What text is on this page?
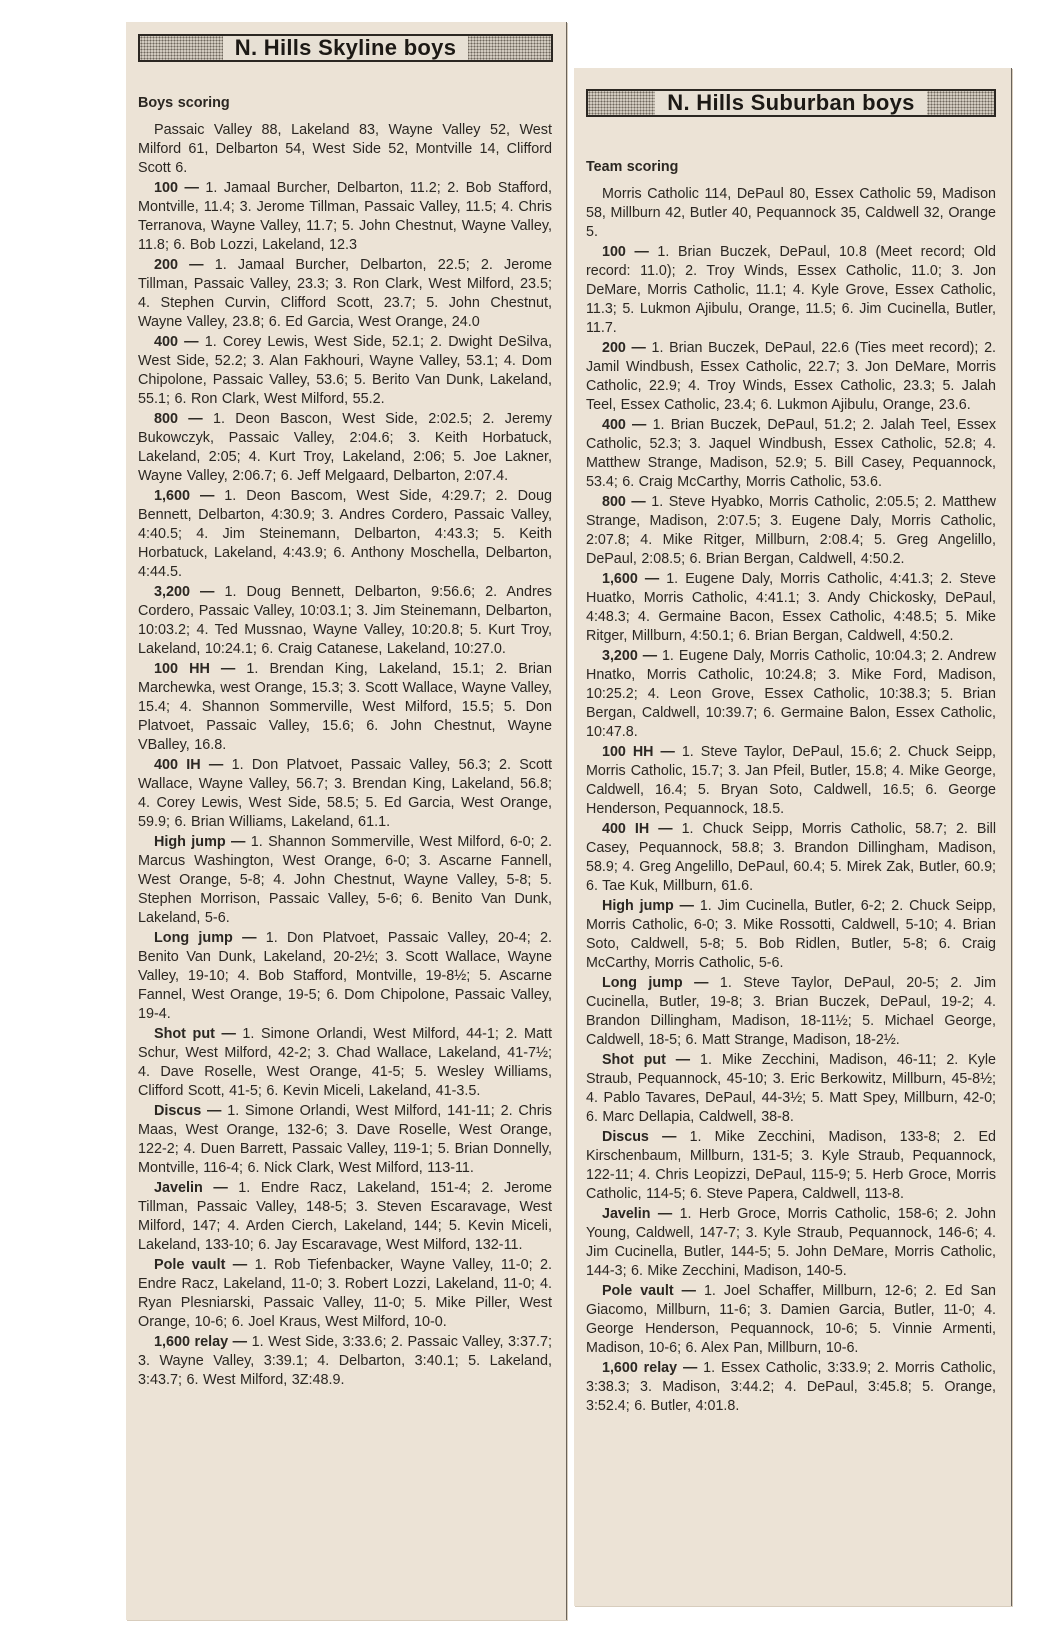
N. Hills Skyline boys
Boys scoring
Passaic Valley 88, Lakeland 83, Wayne Valley 52, West Milford 61, Delbarton 54, West Side 52, Montville 14, Clifford Scott 6.
100 — 1. Jamaal Burcher, Delbarton, 11.2; 2. Bob Stafford, Montville, 11.4; 3. Jerome Tillman, Passaic Valley, 11.5; 4. Chris Terranova, Wayne Valley, 11.7; 5. John Chestnut, Wayne Valley, 11.8; 6. Bob Lozzi, Lakeland, 12.3
200 — 1. Jamaal Burcher, Delbarton, 22.5; 2. Jerome Tillman, Passaic Valley, 23.3; 3. Ron Clark, West Milford, 23.5; 4. Stephen Curvin, Clifford Scott, 23.7; 5. John Chestnut, Wayne Valley, 23.8; 6. Ed Garcia, West Orange, 24.0
400 — 1. Corey Lewis, West Side, 52.1; 2. Dwight DeSilva, West Side, 52.2; 3. Alan Fakhouri, Wayne Valley, 53.1; 4. Dom Chipolone, Passaic Valley, 53.6; 5. Berito Van Dunk, Lakeland, 55.1; 6. Ron Clark, West Milford, 55.2.
800 — 1. Deon Bascon, West Side, 2:02.5; 2. Jeremy Bukowczyk, Passaic Valley, 2:04.6; 3. Keith Horbatuck, Lakeland, 2:05; 4. Kurt Troy, Lakeland, 2:06; 5. Joe Lakner, Wayne Valley, 2:06.7; 6. Jeff Melgaard, Delbarton, 2:07.4.
1,600 — 1. Deon Bascom, West Side, 4:29.7; 2. Doug Bennett, Delbarton, 4:30.9; 3. Andres Cordero, Passaic Valley, 4:40.5; 4. Jim Steinemann, Delbarton, 4:43.3; 5. Keith Horbatuck, Lakeland, 4:43.9; 6. Anthony Moschella, Delbarton, 4:44.5.
3,200 — 1. Doug Bennett, Delbarton, 9:56.6; 2. Andres Cordero, Passaic Valley, 10:03.1; 3. Jim Steinemann, Delbarton, 10:03.2; 4. Ted Mussnao, Wayne Valley, 10:20.8; 5. Kurt Troy, Lakeland, 10:24.1; 6. Craig Catanese, Lakeland, 10:27.0.
100 HH — 1. Brendan King, Lakeland, 15.1; 2. Brian Marchewka, west Orange, 15.3; 3. Scott Wallace, Wayne Valley, 15.4; 4. Shannon Sommerville, West Milford, 15.5; 5. Don Platvoet, Passaic Valley, 15.6; 6. John Chestnut, Wayne VBalley, 16.8.
400 IH — 1. Don Platvoet, Passaic Valley, 56.3; 2. Scott Wallace, Wayne Valley, 56.7; 3. Brendan King, Lakeland, 56.8; 4. Corey Lewis, West Side, 58.5; 5. Ed Garcia, West Orange, 59.9; 6. Brian Williams, Lakeland, 61.1.
High jump — 1. Shannon Sommerville, West Milford, 6-0; 2. Marcus Washington, West Orange, 6-0; 3. Ascarne Fannell, West Orange, 5-8; 4. John Chestnut, Wayne Valley, 5-8; 5. Stephen Morrison, Passaic Valley, 5-6; 6. Benito Van Dunk, Lakeland, 5-6.
Long jump — 1. Don Platvoet, Passaic Valley, 20-4; 2. Benito Van Dunk, Lakeland, 20-2½; 3. Scott Wallace, Wayne Valley, 19-10; 4. Bob Stafford, Montville, 19-8½; 5. Ascarne Fannel, West Orange, 19-5; 6. Dom Chipolone, Passaic Valley, 19-4.
Shot put — 1. Simone Orlandi, West Milford, 44-1; 2. Matt Schur, West Milford, 42-2; 3. Chad Wallace, Lakeland, 41-7½; 4. Dave Roselle, West Orange, 41-5; 5. Wesley Williams, Clifford Scott, 41-5; 6. Kevin Miceli, Lakeland, 41-3.5.
Discus — 1. Simone Orlandi, West Milford, 141-11; 2. Chris Maas, West Orange, 132-6; 3. Dave Roselle, West Orange, 122-2; 4. Duen Barrett, Passaic Valley, 119-1; 5. Brian Donnelly, Montville, 116-4; 6. Nick Clark, West Milford, 113-11.
Javelin — 1. Endre Racz, Lakeland, 151-4; 2. Jerome Tillman, Passaic Valley, 148-5; 3. Steven Escaravage, West Milford, 147; 4. Arden Cierch, Lakeland, 144; 5. Kevin Miceli, Lakeland, 133-10; 6. Jay Escaravage, West Milford, 132-11.
Pole vault — 1. Rob Tiefenbacker, Wayne Valley, 11-0; 2. Endre Racz, Lakeland, 11-0; 3. Robert Lozzi, Lakeland, 11-0; 4. Ryan Plesniarski, Passaic Valley, 11-0; 5. Mike Piller, West Orange, 10-6; 6. Joel Kraus, West Milford, 10-0.
1,600 relay — 1. West Side, 3:33.6; 2. Passaic Valley, 3:37.7; 3. Wayne Valley, 3:39.1; 4. Delbarton, 3:40.1; 5. Lakeland, 3:43.7; 6. West Milford, 3Z:48.9.
N. Hills Suburban boys
Team scoring
Morris Catholic 114, DePaul 80, Essex Catholic 59, Madison 58, Millburn 42, Butler 40, Pequannock 35, Caldwell 32, Orange 5.
100 — 1. Brian Buczek, DePaul, 10.8 (Meet record; Old record: 11.0); 2. Troy Winds, Essex Catholic, 11.0; 3. Jon DeMare, Morris Catholic, 11.1; 4. Kyle Grove, Essex Catholic, 11.3; 5. Lukmon Ajibulu, Orange, 11.5; 6. Jim Cucinella, Butler, 11.7.
200 — 1. Brian Buczek, DePaul, 22.6 (Ties meet record); 2. Jamil Windbush, Essex Catholic, 22.7; 3. Jon DeMare, Morris Catholic, 22.9; 4. Troy Winds, Essex Catholic, 23.3; 5. Jalah Teel, Essex Catholic, 23.4; 6. Lukmon Ajibulu, Orange, 23.6.
400 — 1. Brian Buczek, DePaul, 51.2; 2. Jalah Teel, Essex Catholic, 52.3; 3. Jaquel Windbush, Essex Catholic, 52.8; 4. Matthew Strange, Madison, 52.9; 5. Bill Casey, Pequannock, 53.4; 6. Craig McCarthy, Morris Catholic, 53.6.
800 — 1. Steve Hyabko, Morris Catholic, 2:05.5; 2. Matthew Strange, Madison, 2:07.5; 3. Eugene Daly, Morris Catholic, 2:07.8; 4. Mike Ritger, Millburn, 2:08.4; 5. Greg Angelillo, DePaul, 2:08.5; 6. Brian Bergan, Caldwell, 4:50.2.
1,600 — 1. Eugene Daly, Morris Catholic, 4:41.3; 2. Steve Huatko, Morris Catholic, 4:41.1; 3. Andy Chickosky, DePaul, 4:48.3; 4. Germaine Bacon, Essex Catholic, 4:48.5; 5. Mike Ritger, Millburn, 4:50.1; 6. Brian Bergan, Caldwell, 4:50.2.
3,200 — 1. Eugene Daly, Morris Catholic, 10:04.3; 2. Andrew Hnatko, Morris Catholic, 10:24.8; 3. Mike Ford, Madison, 10:25.2; 4. Leon Grove, Essex Catholic, 10:38.3; 5. Brian Bergan, Caldwell, 10:39.7; 6. Germaine Balon, Essex Catholic, 10:47.8.
100 HH — 1. Steve Taylor, DePaul, 15.6; 2. Chuck Seipp, Morris Catholic, 15.7; 3. Jan Pfeil, Butler, 15.8; 4. Mike George, Caldwell, 16.4; 5. Bryan Soto, Caldwell, 16.5; 6. George Henderson, Pequannock, 18.5.
400 IH — 1. Chuck Seipp, Morris Catholic, 58.7; 2. Bill Casey, Pequannock, 58.8; 3. Brandon Dillingham, Madison, 58.9; 4. Greg Angelillo, DePaul, 60.4; 5. Mirek Zak, Butler, 60.9; 6. Tae Kuk, Millburn, 61.6.
High jump — 1. Jim Cucinella, Butler, 6-2; 2. Chuck Seipp, Morris Catholic, 6-0; 3. Mike Rossotti, Caldwell, 5-10; 4. Brian Soto, Caldwell, 5-8; 5. Bob Ridlen, Butler, 5-8; 6. Craig McCarthy, Morris Catholic, 5-6.
Long jump — 1. Steve Taylor, DePaul, 20-5; 2. Jim Cucinella, Butler, 19-8; 3. Brian Buczek, DePaul, 19-2; 4. Brandon Dillingham, Madison, 18-11½; 5. Michael George, Caldwell, 18-5; 6. Matt Strange, Madison, 18-2½.
Shot put — 1. Mike Zecchini, Madison, 46-11; 2. Kyle Straub, Pequannock, 45-10; 3. Eric Berkowitz, Millburn, 45-8½; 4. Pablo Tavares, DePaul, 44-3½; 5. Matt Spey, Millburn, 42-0; 6. Marc Dellapia, Caldwell, 38-8.
Discus — 1. Mike Zecchini, Madison, 133-8; 2. Ed Kirschenbaum, Millburn, 131-5; 3. Kyle Straub, Pequannock, 122-11; 4. Chris Leopizzi, DePaul, 115-9; 5. Herb Groce, Morris Catholic, 114-5; 6. Steve Papera, Caldwell, 113-8.
Javelin — 1. Herb Groce, Morris Catholic, 158-6; 2. John Young, Caldwell, 147-7; 3. Kyle Straub, Pequannock, 146-6; 4. Jim Cucinella, Butler, 144-5; 5. John DeMare, Morris Catholic, 144-3; 6. Mike Zecchini, Madison, 140-5.
Pole vault — 1. Joel Schaffer, Millburn, 12-6; 2. Ed San Giacomo, Millburn, 11-6; 3. Damien Garcia, Butler, 11-0; 4. George Henderson, Pequannock, 10-6; 5. Vinnie Armenti, Madison, 10-6; 6. Alex Pan, Millburn, 10-6.
1,600 relay — 1. Essex Catholic, 3:33.9; 2. Morris Catholic, 3:38.3; 3. Madison, 3:44.2; 4. DePaul, 3:45.8; 5. Orange, 3:52.4; 6. Butler, 4:01.8.
